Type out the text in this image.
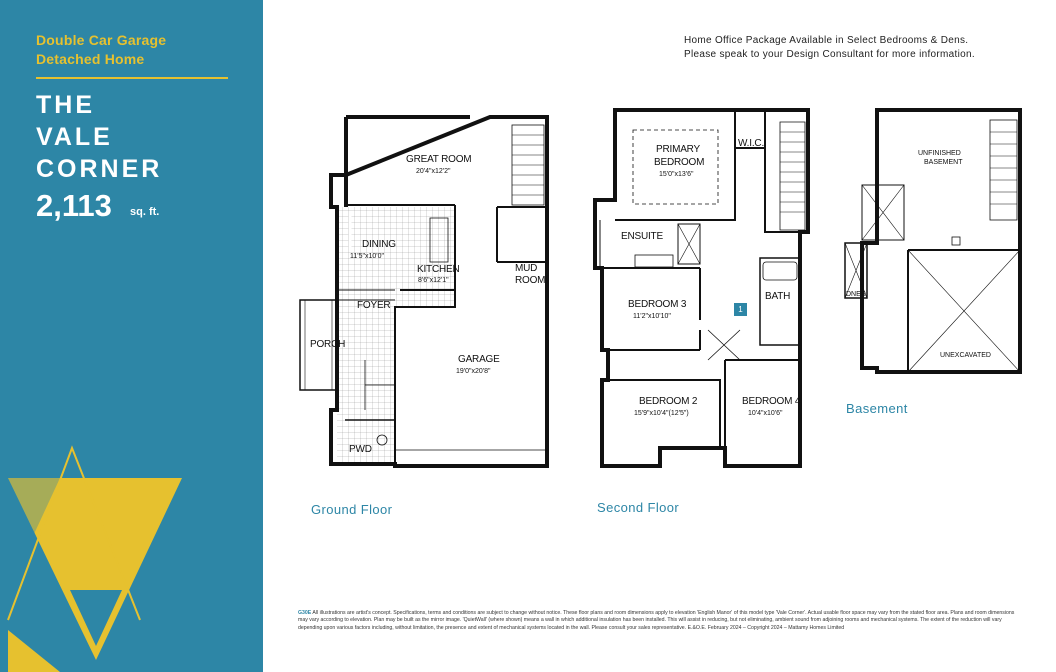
Double Car Garage
Detached Home
THE
VALE
CORNER
2,113 sq. ft.
Home Office Package Available in Select Bedrooms & Dens.
Please speak to your Design Consultant for more information.
GREAT ROOM
20'4"x12'2"
DINING
11'5"x10'0"
KITCHEN
8'6"x12'1"
MUD ROOM
FOYER
PORCH
GARAGE
19'0"x20'8"
PWD
Ground Floor
PRIMARY
BEDROOM
15'0"x13'6"
W.I.C.
ENSUITE
BEDROOM 3
11'2"x10'10"
BATH
BEDROOM 2
15'9"x10'4"(12'5")
BEDROOM 4
10'4"x10'6"
1
Second Floor
UNFINISHED
BASEMENT
UNEXCAVATED
DNER
Basement
G30E All illustrations are artist's concept. Specifications, terms and conditions are subject to change without notice. These floor plans and room dimensions apply to elevation 'English Manor' of this model type 'Vale Corner'. Actual usable floor space may vary from the stated floor area. Plans and room dimensions may vary according to elevation. Plan may be built as the mirror image. 'QuietWall' (where shown) means a wall in which additional insulation has been installed. This will assist in reducing, but not eliminating, ambient sound from adjoining rooms and mechanical systems. The extent of the reduction will vary depending upon various factors including, without limitation, the presence and extent of mechanical systems located in the wall. Please consult your sales representative. E.&O.E. February 2024 – Copyright 2024 – Mattamy Homes Limited
